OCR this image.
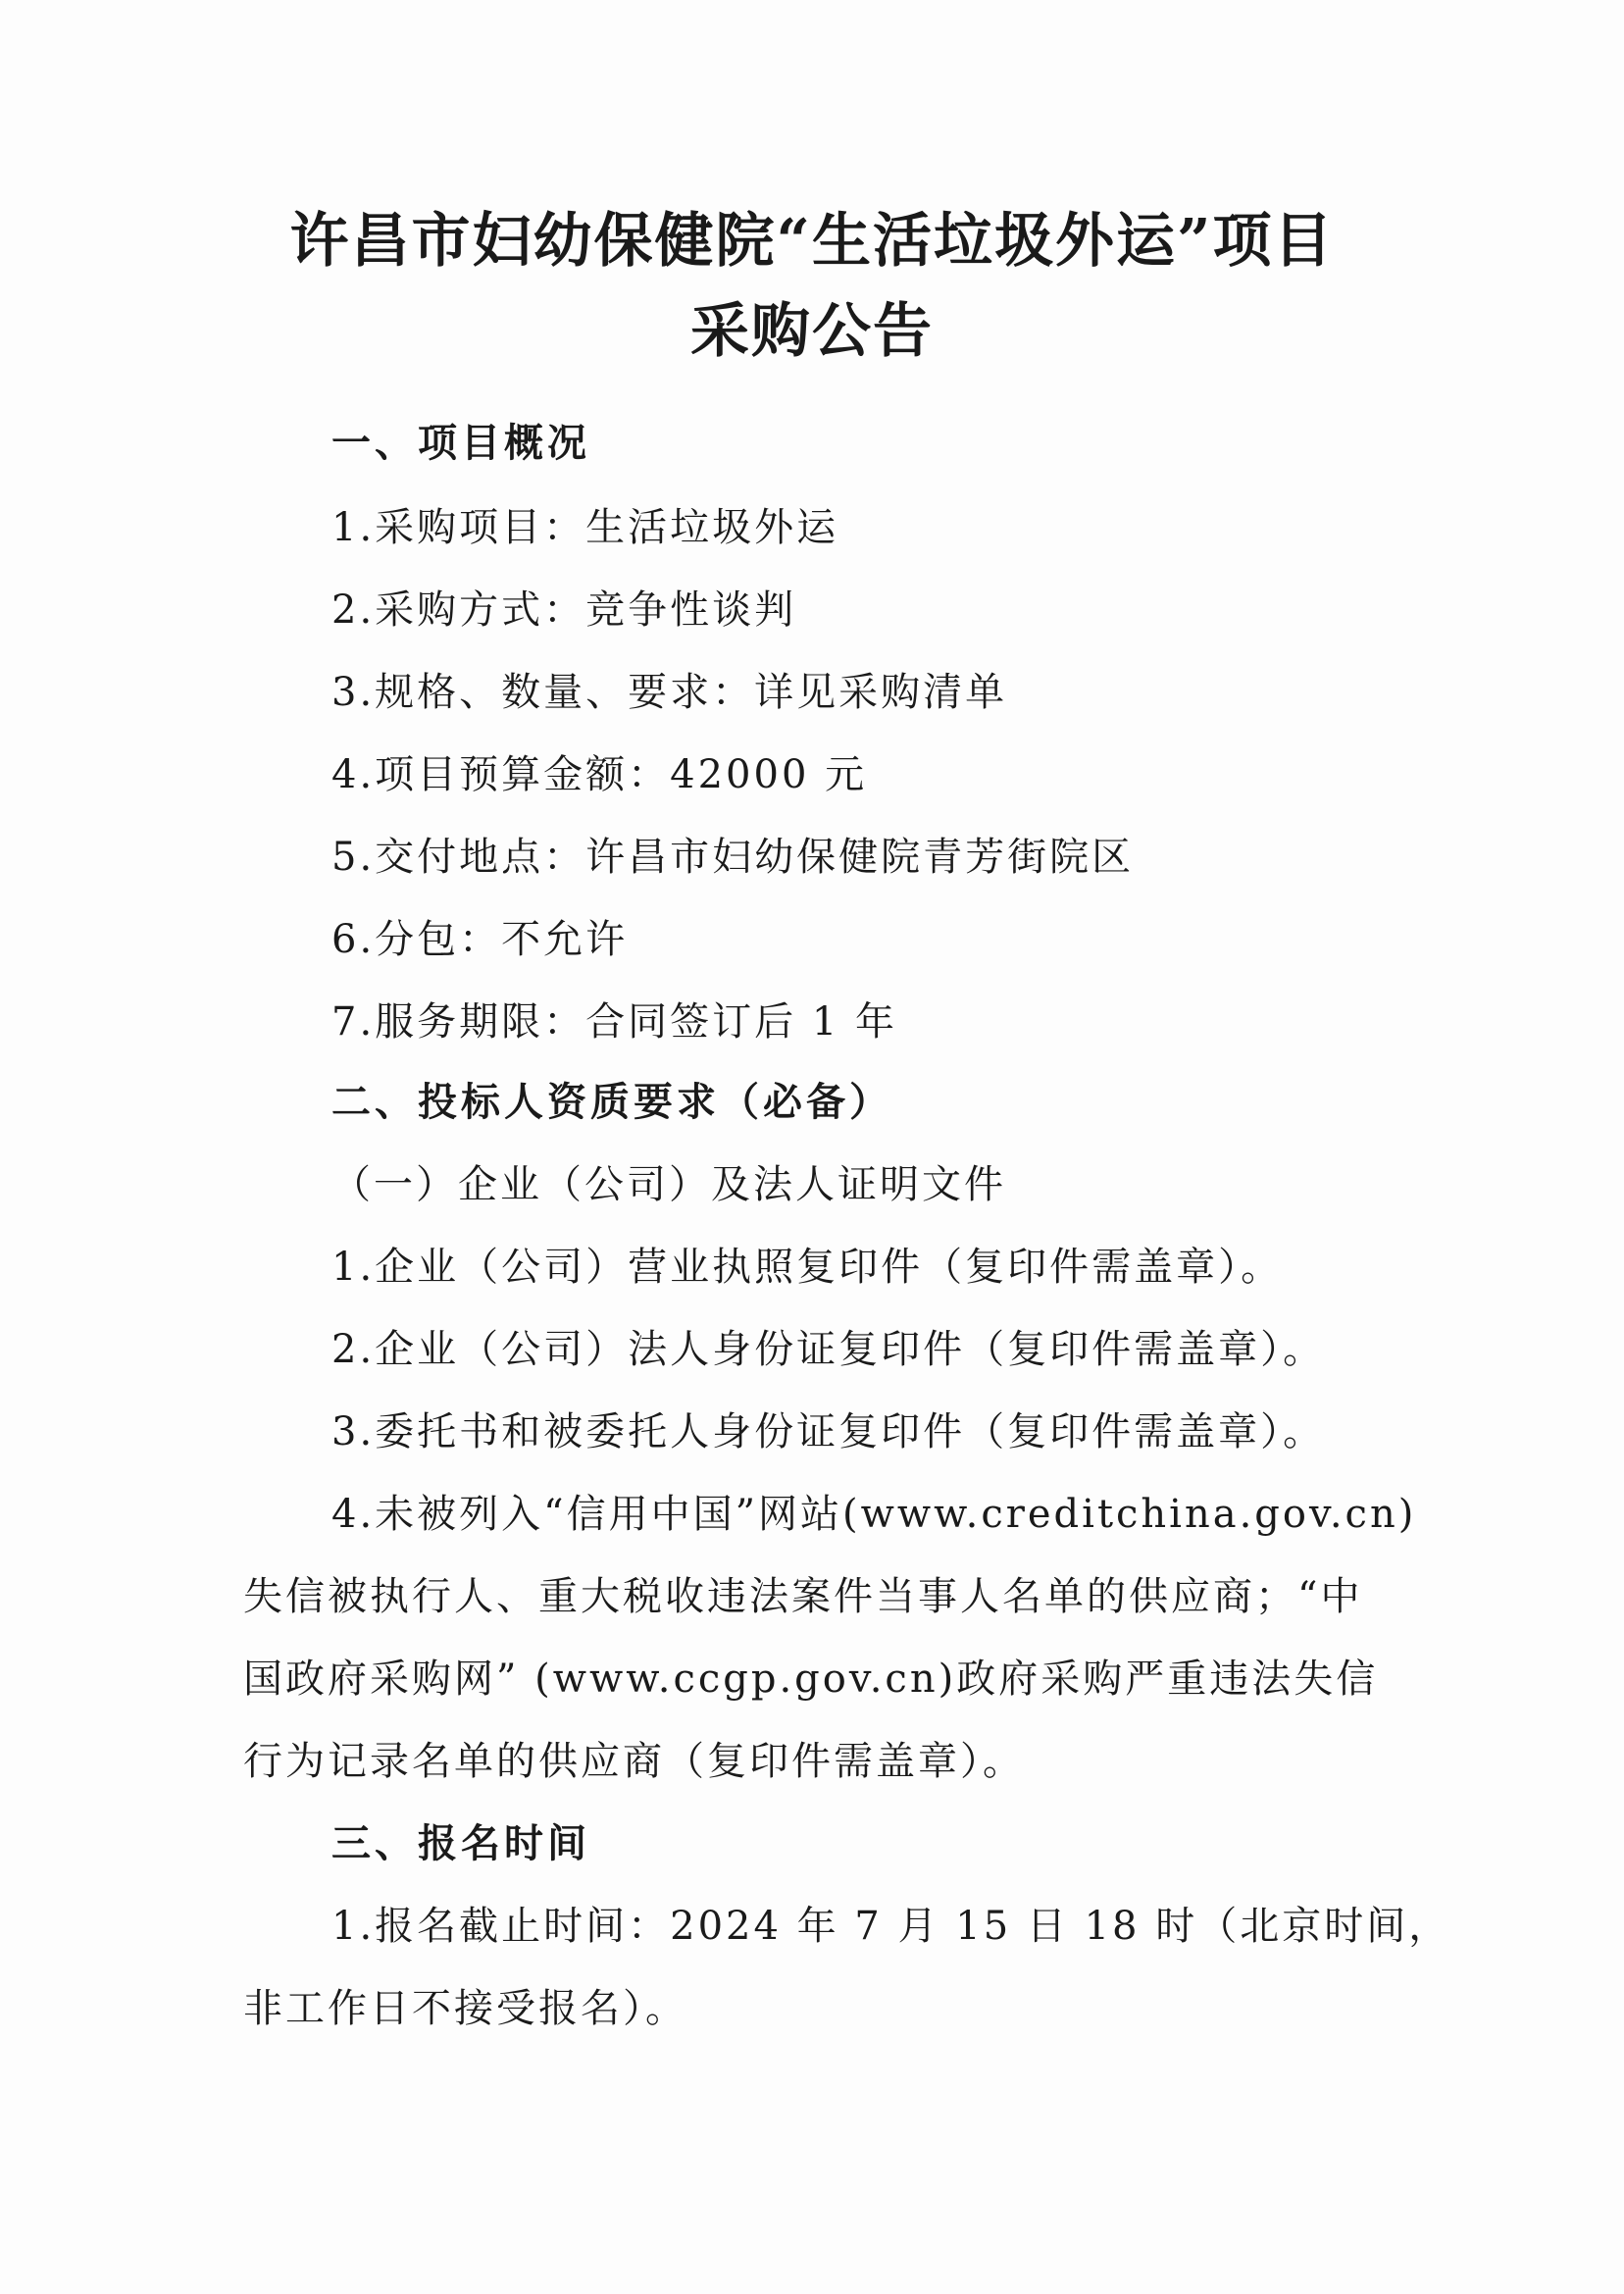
许昌市妇幼保健院“生活垃圾外运”项目
采购公告
一、项目概况
1.采购项目：生活垃圾外运
2.采购方式：竞争性谈判
3.规格、数量、要求：详见采购清单
4.项目预算金额：42000 元
5.交付地点：许昌市妇幼保健院青芳街院区
6.分包：不允许
7.服务期限：合同签订后 1 年
二、投标人资质要求（必备）
（一）企业（公司）及法人证明文件
1.企业（公司）营业执照复印件（复印件需盖章）。
2.企业（公司）法人身份证复印件（复印件需盖章）。
3.委托书和被委托人身份证复印件（复印件需盖章）。
4.未被列入“信用中国”网站(www.creditchina.gov.cn)
失信被执行人、重大税收违法案件当事人名单的供应商；“中
国政府采购网” (www.ccgp.gov.cn)政府采购严重违法失信
行为记录名单的供应商（复印件需盖章）。
三、报名时间
1.报名截止时间：2024 年 7 月 15 日 18 时（北京时间，
非工作日不接受报名）。
